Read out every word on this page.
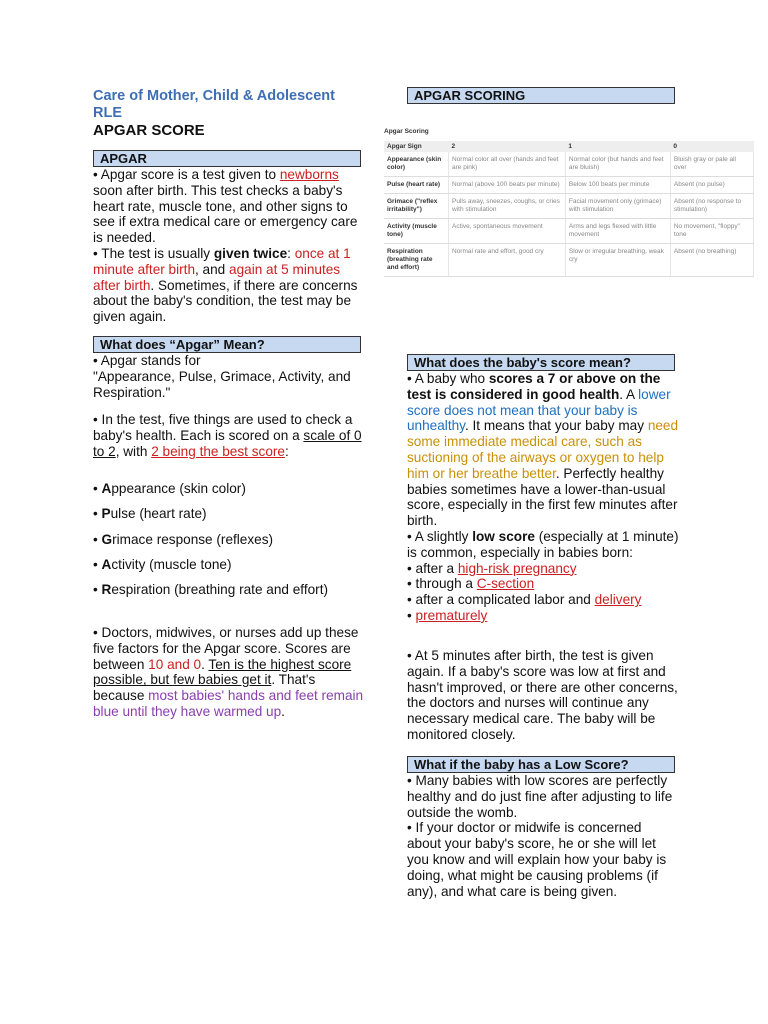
Care of Mother, Child & Adolescent RLE
APGAR SCORE
APGAR
• Apgar score is a test given to newborns soon after birth. This test checks a baby's heart rate, muscle tone, and other signs to see if extra medical care or emergency care is needed.
• The test is usually given twice: once at 1 minute after birth, and again at 5 minutes after birth. Sometimes, if there are concerns about the baby's condition, the test may be given again.
What does “Apgar” Mean?
• Apgar stands for
"Appearance, Pulse, Grimace, Activity, and Respiration."
• In the test, five things are used to check a baby's health. Each is scored on a scale of 0 to 2, with 2 being the best score:
• Appearance (skin color)
• Pulse (heart rate)
• Grimace response (reflexes)
• Activity (muscle tone)
• Respiration (breathing rate and effort)
• Doctors, midwives, or nurses add up these five factors for the Apgar score. Scores are between 10 and 0. Ten is the highest score possible, but few babies get it. That's because most babies' hands and feet remain blue until they have warmed up.
APGAR SCORING
Apgar Scoring
Apgar Sign	2	1	0
Appearance (skin color)	Normal color all over (hands and feet are pink)	Normal color (but hands and feet are bluish)	Bluish gray or pale all over
Pulse (heart rate)	Normal (above 100 beats per minute)	Below 100 beats per minute	Absent (no pulse)
Grimace ("reflex irritability")	Pulls away, sneezes, coughs, or cries with stimulation	Facial movement only (grimace) with stimulation	Absent (no response to stimulation)
Activity (muscle tone)	Active, spontaneous movement	Arms and legs flexed with little movement	No movement, "floppy" tone
Respiration (breathing rate and effort)	Normal rate and effort, good cry	Slow or irregular breathing, weak cry	Absent (no breathing)
What does the baby's score mean?
• A baby who scores a 7 or above on the test is considered in good health. A lower score does not mean that your baby is unhealthy. It means that your baby may need some immediate medical care, such as suctioning of the airways or oxygen to help him or her breathe better. Perfectly healthy babies sometimes have a lower-than-usual score, especially in the first few minutes after birth.
• A slightly low score (especially at 1 minute) is common, especially in babies born:
• after a high-risk pregnancy
• through a C-section
• after a complicated labor and delivery
• prematurely
• At 5 minutes after birth, the test is given again. If a baby's score was low at first and hasn't improved, or there are other concerns, the doctors and nurses will continue any necessary medical care. The baby will be monitored closely.
What if the baby has a Low Score?
• Many babies with low scores are perfectly healthy and do just fine after adjusting to life outside the womb.
• If your doctor or midwife is concerned about your baby's score, he or she will let you know and will explain how your baby is doing, what might be causing problems (if any), and what care is being given.
